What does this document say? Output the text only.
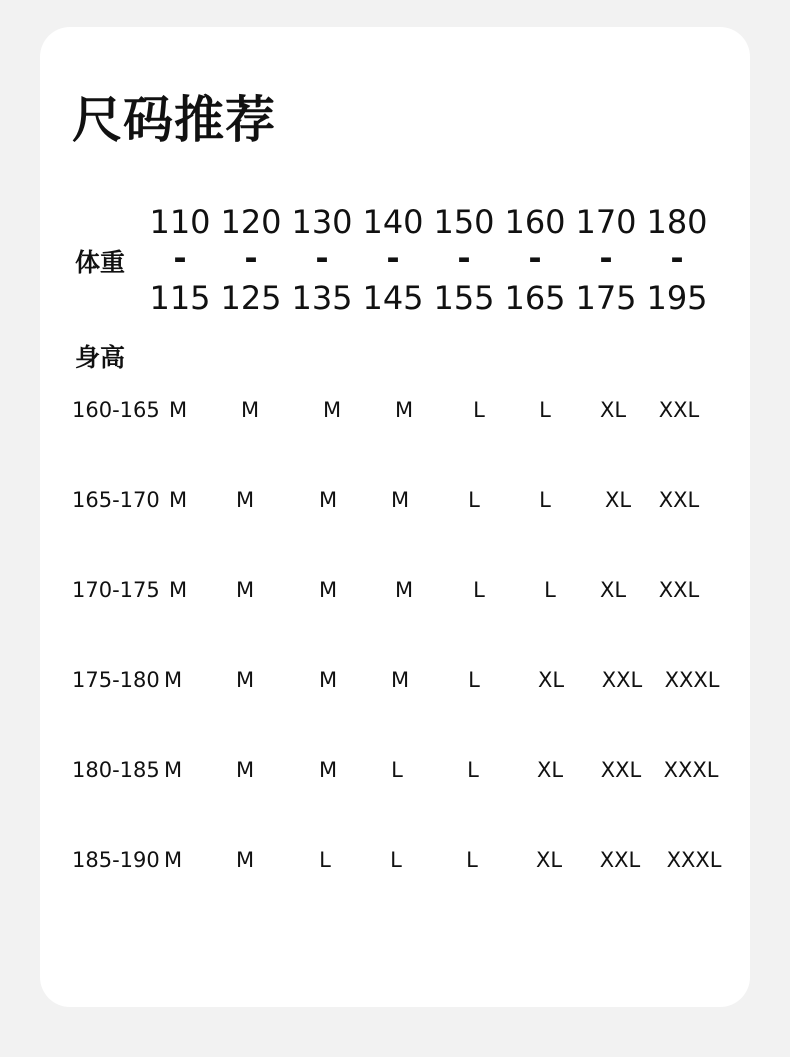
尺码推荐
体重
身高
110
-
115
120
-
125
130
-
135
140
-
145
150
-
155
160
-
165
170
-
175
180
-
195
160-165 M	M	M	M	L	L XL XXL
165-170 M M	M	M	L	L	XL XXL
170-175 M M	M	M	L	L XL XXL
175-180 M	M	M	M	L	XL XXL XXXL
180-185 M	M	M	L	L	XL XXL XXXL
185-190 M	M	L	L	L	XL XXL XXXL
